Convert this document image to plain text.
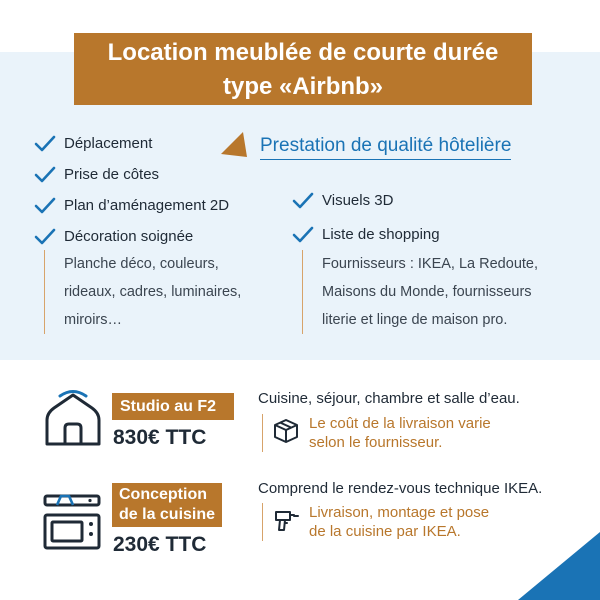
Location meublée de courte durée
type «Airbnb»
Déplacement
Prise de côtes
Plan d’aménagement 2D
Décoration soignée
Planche déco, couleurs,
rideaux, cadres, luminaires,
miroirs…
Prestation de qualité hôtelière
Visuels 3D
Liste de shopping
Fournisseurs : IKEA, La Redoute,
Maisons du Monde, fournisseurs
literie et linge de maison pro.
Studio au F2
830€ TTC
Cuisine, séjour, chambre et salle d’eau.
Le coût de la livraison varie
selon le fournisseur.
Conception
de la cuisine
230€ TTC
Comprend le rendez-vous technique IKEA.
Livraison, montage et pose
de la cuisine par IKEA.
